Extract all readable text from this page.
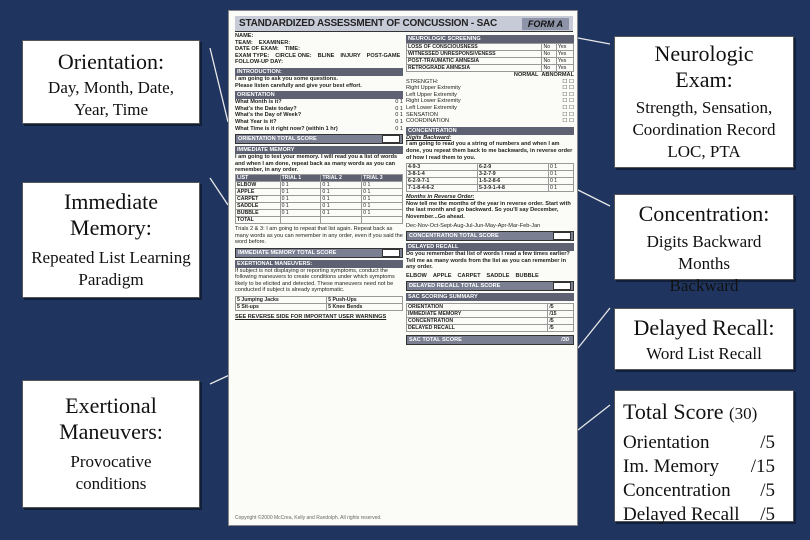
Orientation:
Day, Month, Date, Year, Time
Immediate Memory:
Repeated List Learning Paradigm
Exertional Maneuvers:
Provocative conditions
Neurologic Exam:
Strength, Sensation, Coordination Record LOC, PTA
Concentration:
Digits Backward Months Backward
Delayed Recall:
Word List Recall
Total Score (30)
Orientation	/5
Im. Memory /15
Concentration /5
Delayed Recall /5
STANDARDIZED ASSESSMENT OF CONCUSSION - SAC	FORM A
NAME:
TEAM: EXAMINER:
DATE OF EXAM: TIME:
EXAM TYPE: CIRCLE ONE: BLINE INJURY POST-GAME
FOLLOW-UP DAY:
INTRODUCTION:
I am going to ask you some questions.
Please listen carefully and give your best effort.
ORIENTATION
What Month is it?	0 1
What's the Date today?	0 1
What's the Day of Week?	0 1
What Year is it?	0 1
What Time is it right now? (within 1 hr)	0 1
ORIENTATION TOTAL SCORE
IMMEDIATE MEMORY
I am going to test your memory. I will read you a list of words and when I am done, repeat back as many words as you can remember, in any order.
LIST	TRIAL 1	TRIAL 2	TRIAL 3
ELBOW	0 1	0 1	0 1
APPLE	0 1	0 1	0 1
CARPET	0 1	0 1	0 1
SADDLE	0 1	0 1	0 1
BUBBLE	0 1	0 1	0 1
TOTAL			
Trials 2 & 3: I am going to repeat that list again. Repeat back as many words as you can remember in any order, even if you said the word before.
IMMEDIATE MEMORY TOTAL SCORE
EXERTIONAL MANEUVERS:
If subject is not displaying or reporting symptoms, conduct the following maneuvers to create conditions under which symptoms likely to be elicited and detected. These maneuvers need not be conducted if subject is already symptomatic.
5 Jumping Jacks	5 Push-Ups
5 Sit-ups	5 Knee Bends
SEE REVERSE SIDE FOR IMPORTANT USER WARNINGS
NEUROLOGIC SCREENING
LOSS OF CONSCIOUSNESS	No	Yes
WITNESSED UNRESPONSIVENESS	No	Yes
POST-TRAUMATIC AMNESIA	No	Yes
RETROGRADE AMNESIA	No	Yes
NORMAL ABNORMAL
STRENGTH:	☐ ☐
Right Upper Extremity	☐ ☐
Left Upper Extremity	☐ ☐
Right Lower Extremity	☐ ☐
Left Lower Extremity	☐ ☐
SENSATION	☐ ☐
COORDINATION	☐ ☐
CONCENTRATION
Digits Backward:
I am going to read you a string of numbers and when I am done, you repeat them back to me backwards, in reverse order of how I read them to you.
4-9-3	6-2-9	0 1
3-8-1-4	3-2-7-9	0 1
6-2-9-7-1	1-5-2-8-6	0 1
7-1-8-4-6-2	5-3-9-1-4-8	0 1
Months in Reverse Order:
Now tell me the months of the year in reverse order. Start with the last month and go backward. So you'll say December, November...Go ahead.
Dec-Nov-Oct-Sept-Aug-Jul-Jun-May-Apr-Mar-Feb-Jan
CONCENTRATION TOTAL SCORE
DELAYED RECALL
Do you remember that list of words I read a few times earlier? Tell me as many words from the list as you can remember in any order.
ELBOW APPLE CARPET SADDLE BUBBLE
DELAYED RECALL TOTAL SCORE
SAC SCORING SUMMARY
ORIENTATION	/5
IMMEDIATE MEMORY	/15
CONCENTRATION	/5
DELAYED RECALL	/5
SAC TOTAL SCORE	/30
Copyright ©2000 McCrea, Kelly and Randolph. All rights reserved.
